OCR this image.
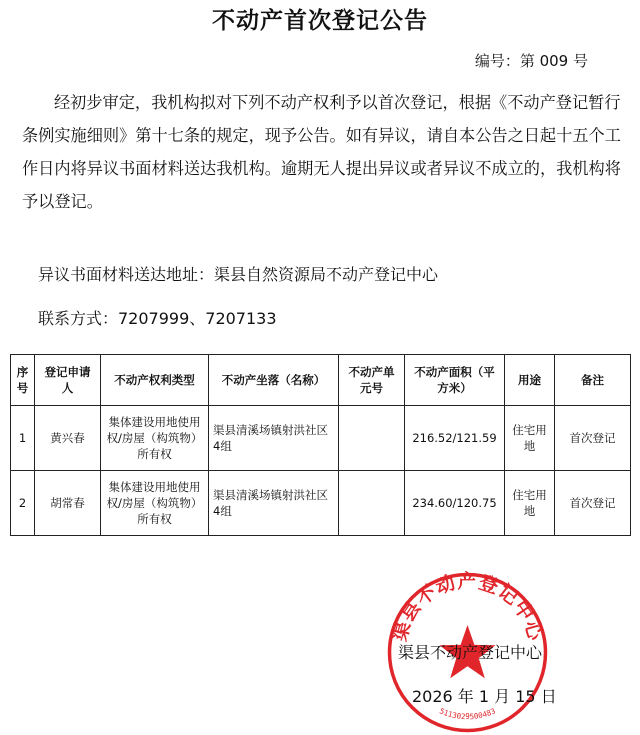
不动产首次登记公告
编号：第 009 号
经初步审定，我机构拟对下列不动产权利予以首次登记，根据《不动产登记暂行条例实施细则》第十七条的规定，现予公告。如有异议，请自本公告之日起十五个工作日内将异议书面材料送达我机构。逾期无人提出异议或者异议不成立的，我机构将予以登记。
异议书面材料送达地址：渠县自然资源局不动产登记中心
联系方式：7207999、7207133
序号	登记申请人	不动产权利类型	不动产坐落（名称）	不动产单元号	不动产面积（平方米）	用途	备注
1	黄兴春	集体建设用地使用权/房屋（构筑物）所有权	渠县清溪场镇射洪社区4组		216.52/121.59	住宅用地	首次登记
2	胡常春	集体建设用地使用权/房屋（构筑物）所有权	渠县清溪场镇射洪社区4组		234.60/120.75	住宅用地	首次登记
渠县不动产登记中心
5113029500483
渠县不动产登记中心
2026 年 1 月 15 日
